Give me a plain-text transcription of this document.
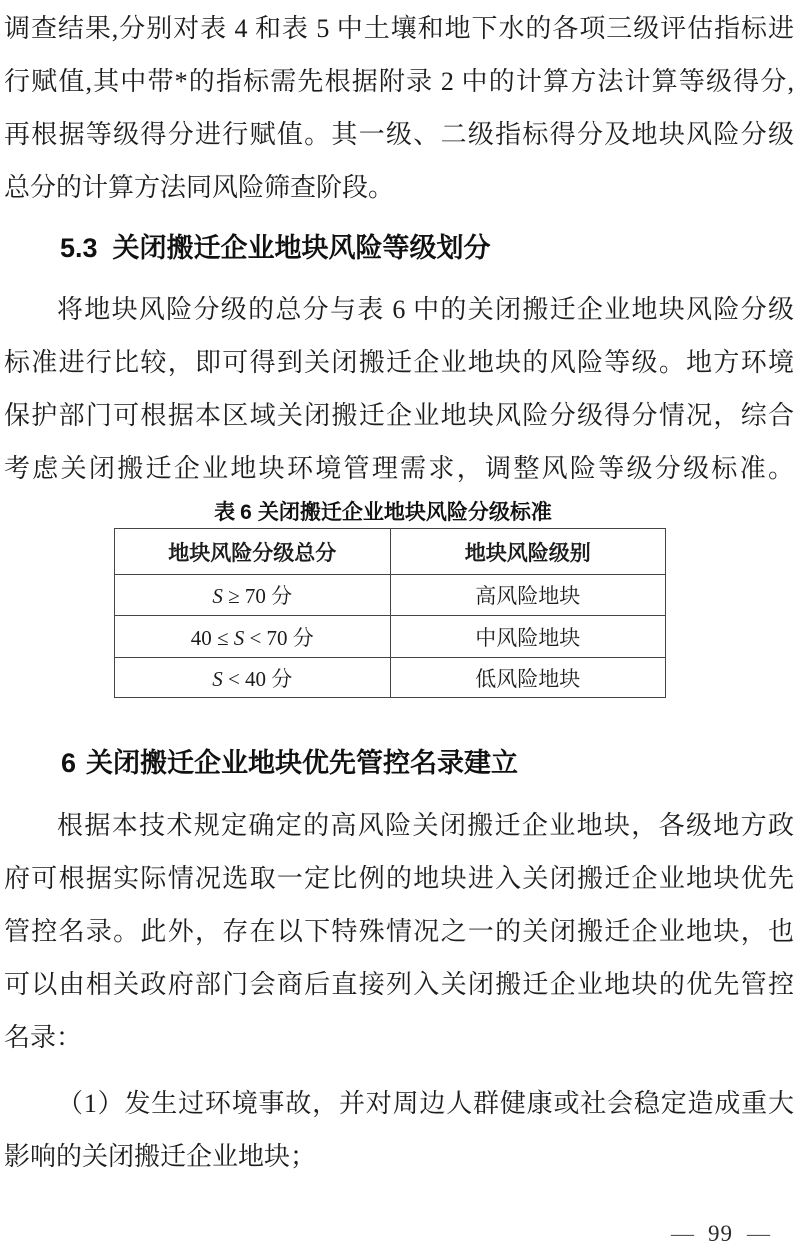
调查结果,分别对表 4 和表 5 中土壤和地下水的各项三级评估指标进
行赋值,其中带*的指标需先根据附录 2 中的计算方法计算等级得分,
再根据等级得分进行赋值。其一级、二级指标得分及地块风险分级
总分的计算方法同风险筛查阶段。
5.3 关闭搬迁企业地块风险等级划分
将地块风险分级的总分与表 6 中的关闭搬迁企业地块风险分级
标准进行比较，即可得到关闭搬迁企业地块的风险等级。地方环境
保护部门可根据本区域关闭搬迁企业地块风险分级得分情况，综合
考虑关闭搬迁企业地块环境管理需求，调整风险等级分级标准。
表 6 关闭搬迁企业地块风险分级标准
地块风险分级总分	地块风险级别
S ≥ 70 分	高风险地块
40 ≤ S < 70 分	中风险地块
S < 40 分	低风险地块
6 关闭搬迁企业地块优先管控名录建立
根据本技术规定确定的高风险关闭搬迁企业地块，各级地方政
府可根据实际情况选取一定比例的地块进入关闭搬迁企业地块优先
管控名录。此外，存在以下特殊情况之一的关闭搬迁企业地块，也
可以由相关政府部门会商后直接列入关闭搬迁企业地块的优先管控
名录：
（1）发生过环境事故，并对周边人群健康或社会稳定造成重大
影响的关闭搬迁企业地块；
— 99 —
